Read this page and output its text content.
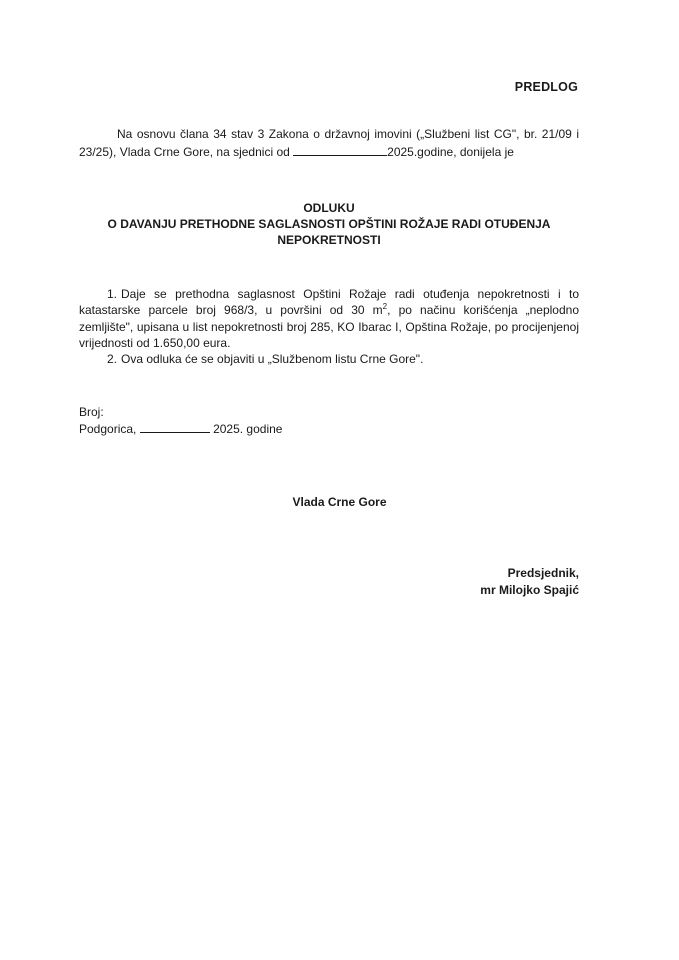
PREDLOG
Na osnovu člana 34 stav 3 Zakona o državnoj imovini („Službeni list CG", br. 21/09 i 23/25), Vlada Crne Gore, na sjednici od	2025.godine, donijela je
ODLUKU
O DAVANJU PRETHODNE SAGLASNOSTI OPŠTINI ROŽAJE RADI OTUĐENJA
NEPOKRETNOSTI

1. Daje se prethodna saglasnost Opštini Rožaje radi otuđenja nepokretnosti i to katastarske parcele broj 968/3, u površini od 30 $m^2$, po načinu korišćenja „neplodno zemljište", upisana u list nepokretnosti broj 285, KO Ibarac I, Opština Rožaje, po procijenjenoj vrijednosti od 1.650,00 eura.

2. Ova odluka će se objaviti u „Službenom listu Crne Gore".

Broj:
Podgorica,	2025. godine
Vlada Crne Gore
Predsjednik,
mr Milojko Spajić
